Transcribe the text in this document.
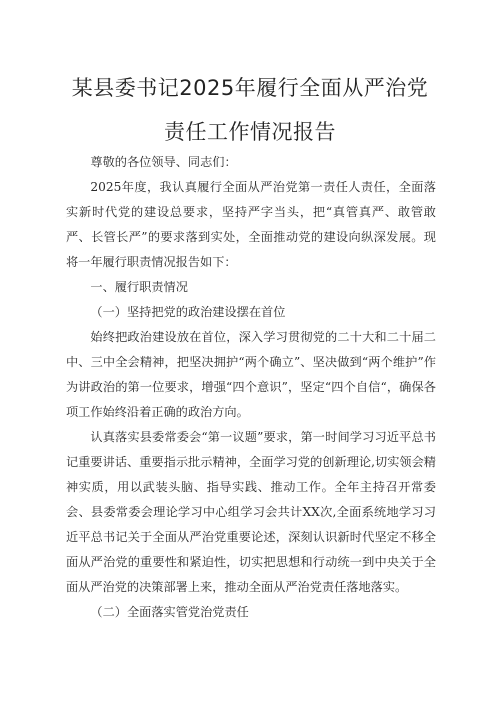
某县委书记2025年履行全面从严治党
责任工作情况报告

尊敬的各位领导、同志们：

2025年度，我认真履行全面从严治党第一责任人责任，全面落实新时代党的建设总要求，坚持严字当头，把“真管真严、敢管敢严、长管长严”的要求落到实处，全面推动党的建设向纵深发展。现将一年履行职责情况报告如下：

一、履行职责情况

（一）坚持把党的政治建设摆在首位

始终把政治建设放在首位，深入学习贯彻党的二十大和二十届二中、三中全会精神，把坚决拥护“两个确立”、坚决做到“两个维护”作为讲政治的第一位要求，增强“四个意识”，坚定“四个自信“，确保各项工作始终沿着正确的政治方向。

认真落实县委常委会“第一议题”要求，第一时间学习习近平总书记重要讲话、重要指示批示精神，全面学习党的创新理论,切实领会精神实质，用以武装头脑、指导实践、推动工作。全年主持召开常委会、县委常委会理论学习中心组学习会共计XX次,全面系统地学习习近平总书记关于全面从严治党重要论述，深刻认识新时代坚定不移全面从严治党的重要性和紧迫性，切实把思想和行动统一到中央关于全面从严治党的决策部署上来，推动全面从严治党责任落地落实。

（二）全面落实管党治党责任
